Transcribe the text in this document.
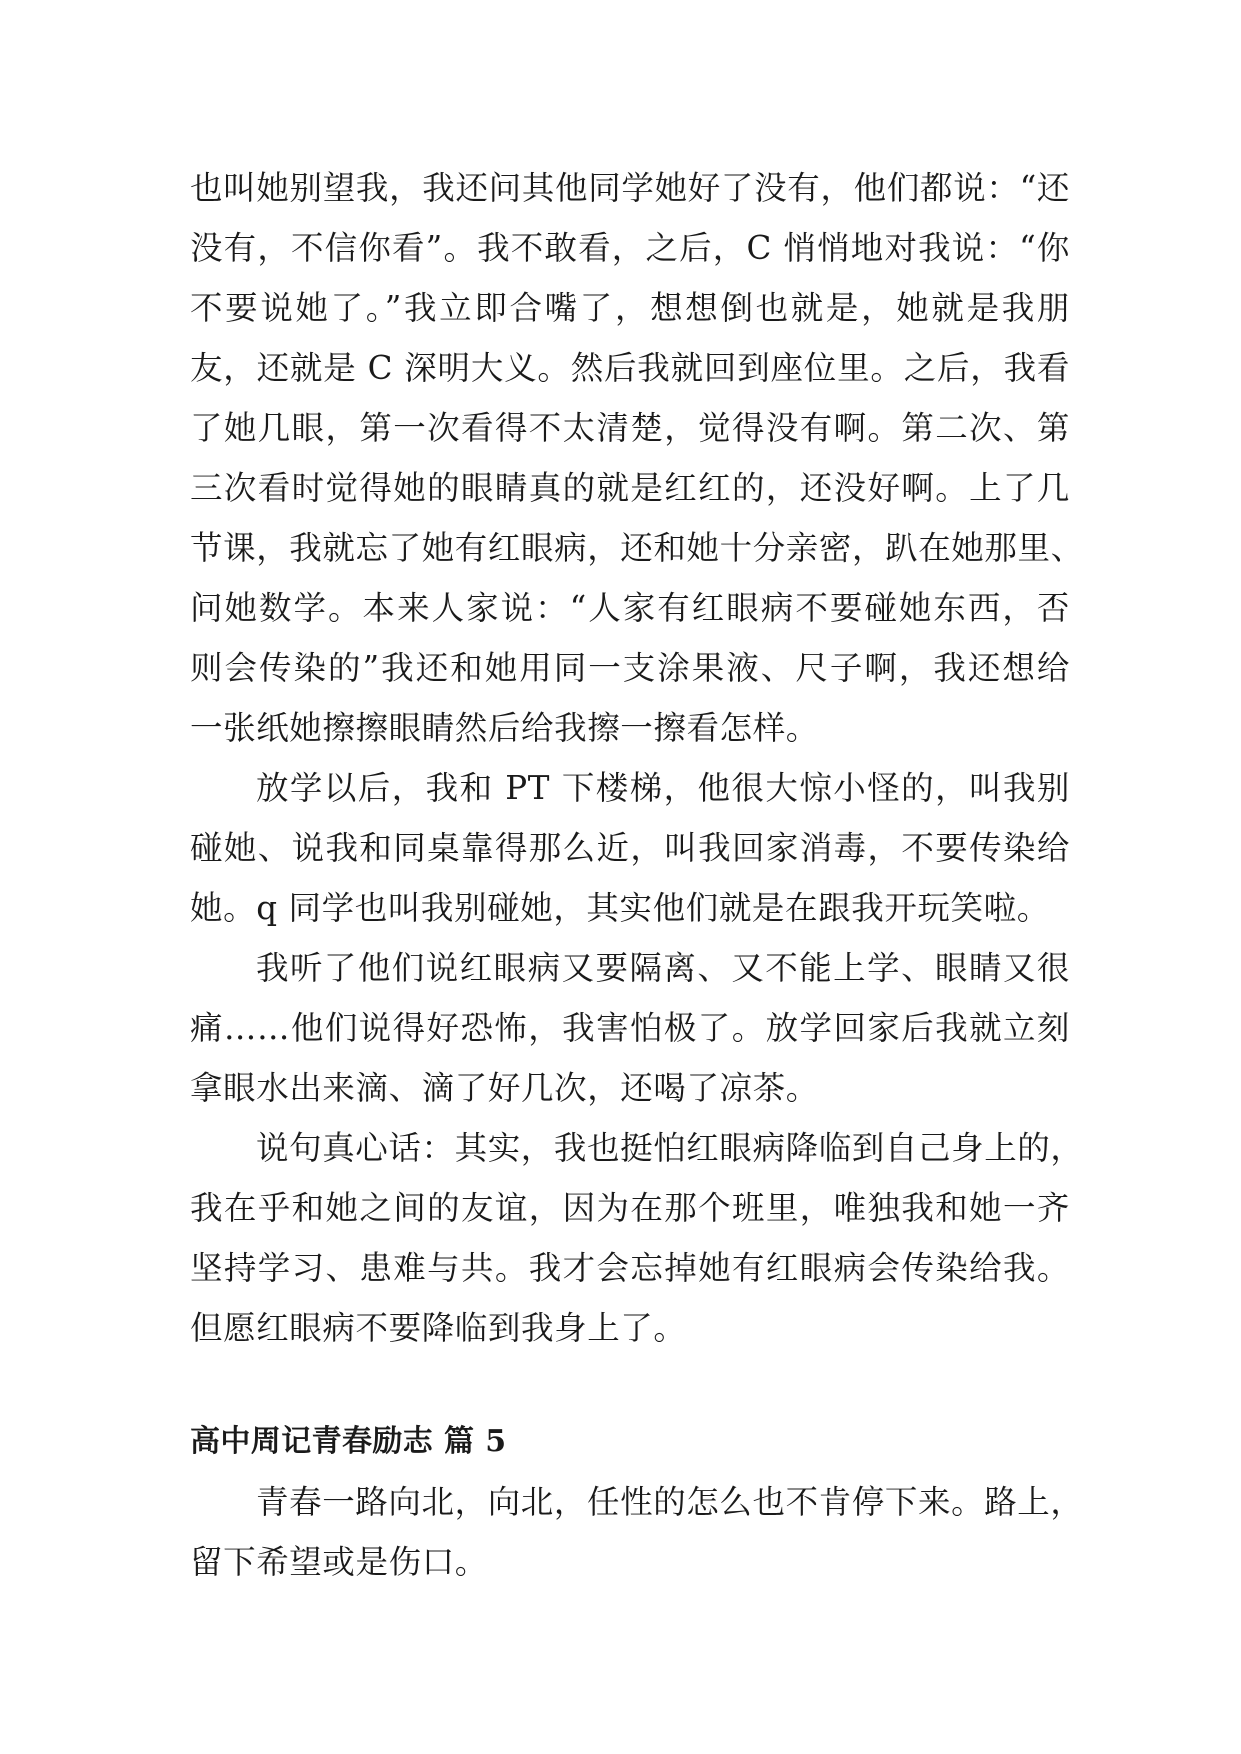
也叫她别望我，我还问其他同学她好了没有，他们都说：“还
没有，不信你看”。我不敢看，之后，C 悄悄地对我说：“你
不要说她了。”我立即合嘴了，想想倒也就是，她就是我朋
友，还就是 C 深明大义。然后我就回到座位里。之后，我看
了她几眼，第一次看得不太清楚，觉得没有啊。第二次、第
三次看时觉得她的眼睛真的就是红红的，还没好啊。上了几
节课，我就忘了她有红眼病，还和她十分亲密，趴在她那里、
问她数学。本来人家说：“人家有红眼病不要碰她东西，否
则会传染的”我还和她用同一支涂果液、尺子啊，我还想给
一张纸她擦擦眼睛然后给我擦一擦看怎样。

放学以后，我和 PT 下楼梯，他很大惊小怪的，叫我别
碰她、说我和同桌靠得那么近，叫我回家消毒，不要传染给
她。q 同学也叫我别碰她，其实他们就是在跟我开玩笑啦。

我听了他们说红眼病又要隔离、又不能上学、眼睛又很
痛……他们说得好恐怖，我害怕极了。放学回家后我就立刻
拿眼水出来滴、滴了好几次，还喝了凉茶。

说句真心话：其实，我也挺怕红眼病降临到自己身上的，
我在乎和她之间的友谊，因为在那个班里，唯独我和她一齐
坚持学习、患难与共。我才会忘掉她有红眼病会传染给我。
但愿红眼病不要降临到我身上了。

高中周记青春励志 篇 5

青春一路向北，向北，任性的怎么也不肯停下来。路上，
留下希望或是伤口。
